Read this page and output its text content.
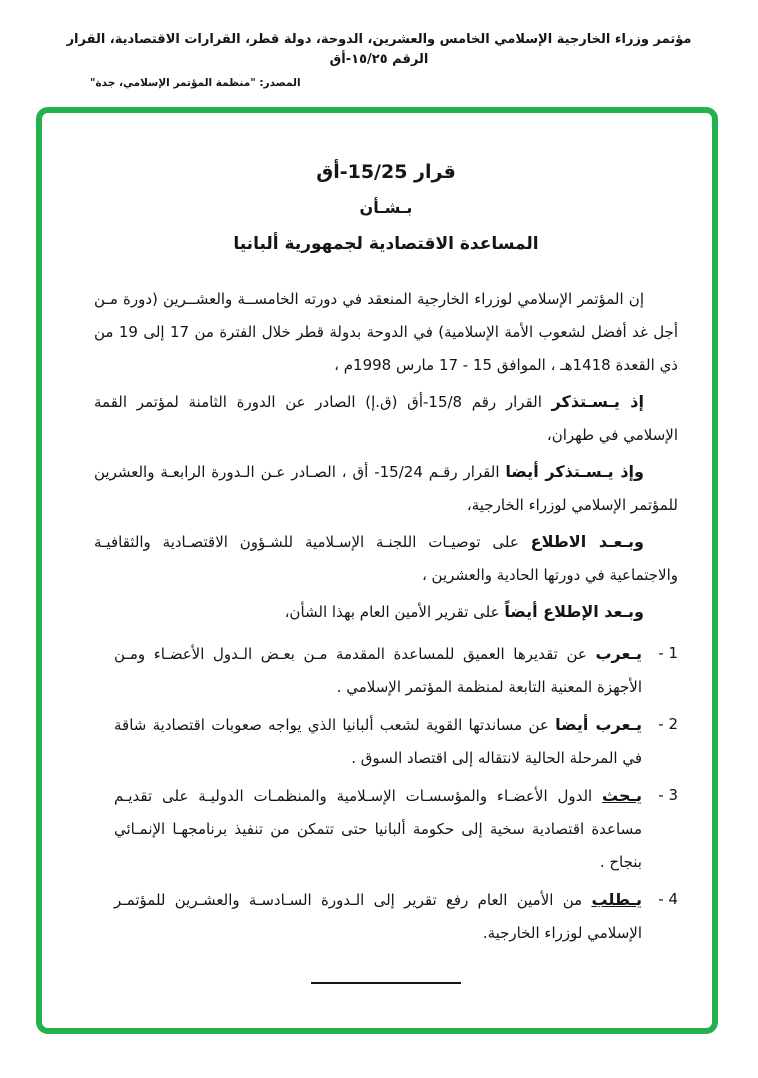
مؤتمر وزراء الخارجية الإسلامي الخامس والعشرين، الدوحة، دولة قطر، القرارات الاقتصادية، القرار الرقم ١٥/٢٥-أق
المصدر: "منظمة المؤتمر الإسلامي، جدة"
قرار 15/25-أق
بـشـأن
المساعدة الاقتصادية لجمهورية ألبانيا

إن المؤتمر الإسلامي لوزراء الخارجية المنعقد في دورته الخامســة والعشــرين (دورة مـن أجل غد أفضل لشعوب الأمة الإسلامية) في الدوحة بدولة قطر خلال الفترة من 17 إلى 19 من ذي القعدة 1418هـ ، الموافق 15 - 17 مارس 1998م ،

إذ يـسـتذكر القرار رقم 15/8-أق (ق.إ) الصادر عن الدورة الثامنة لمؤتمر القمة الإسلامي في طهران،

وإذ يـسـتذكر أيضا القرار رقـم 15/24- أق ، الصـادر عـن الـدورة الرابعـة والعشرين للمؤتمر الإسلامي لوزراء الخارجية،

وبـعـد الاطلاع على توصيـات اللجنـة الإسـلامية للشـؤون الاقتصـادية والثقافيـة والاجتماعية في دورتها الحادية والعشرين ،

وبـعد الإطلاع أيضاً على تقرير الأمين العام بهذا الشأن،

1 -
يـعرب عن تقديرها العميق للمساعدة المقدمة مـن بعـض الـدول الأعضـاء ومـن الأجهزة المعنية التابعة لمنظمة المؤتمر الإسلامي .
2 -
يـعرب أيضا عن مساندتها القوية لشعب ألبانيا الذي يواجه صعوبات اقتصادية شاقة في المرحلة الحالية لانتقاله إلى اقتصاد السوق .
3 -
يـحث الدول الأعضـاء والمؤسسـات الإسـلامية والمنظمـات الدوليـة على تقديـم مساعدة اقتصادية سخية إلى حكومة ألبانيا حتى تتمكن من تنفيذ برنامجهـا الإنمـائي بنجاح .
4 -
يـطلب من الأمين العام رفع تقرير إلى الـدورة السـادسـة والعشـرين للمؤتمـر الإسلامي لوزراء الخارجية.
